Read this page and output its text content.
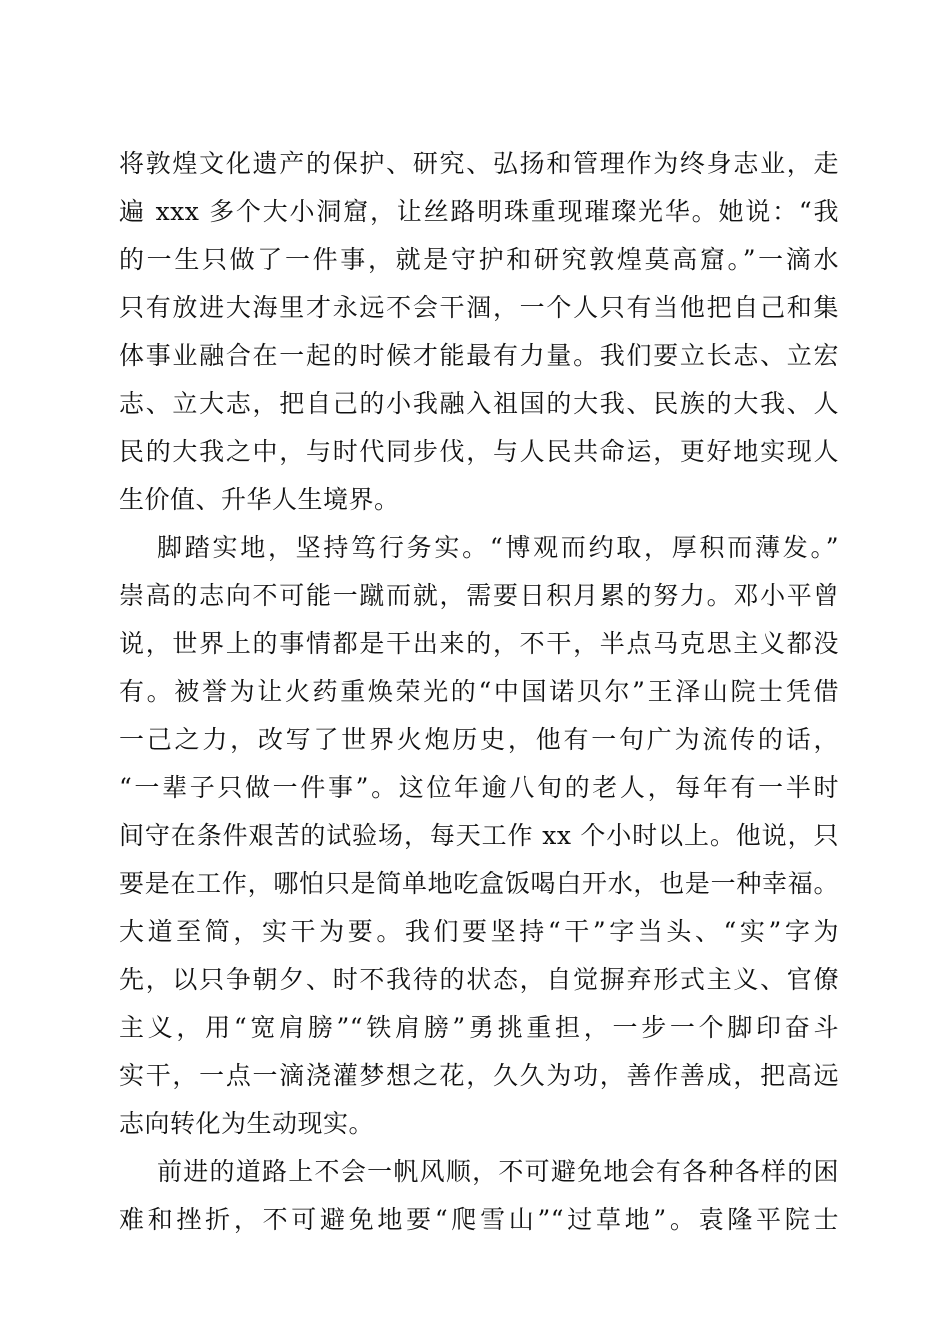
将敦煌文化遗产的保护、研究、弘扬和管理作为终身志业，走
遍 xxx 多个大小洞窟，让丝路明珠重现璀璨光华。她说：“我
的一生只做了一件事，就是守护和研究敦煌莫高窟。”一滴水
只有放进大海里才永远不会干涸，一个人只有当他把自己和集
体事业融合在一起的时候才能最有力量。我们要立长志、立宏
志、立大志，把自己的小我融入祖国的大我、民族的大我、人
民的大我之中，与时代同步伐，与人民共命运，更好地实现人
生价值、升华人生境界。
脚踏实地，坚持笃行务实。“博观而约取，厚积而薄发。”
崇高的志向不可能一蹴而就，需要日积月累的努力。邓小平曾
说，世界上的事情都是干出来的，不干，半点马克思主义都没
有。被誉为让火药重焕荣光的“中国诺贝尔”王泽山院士凭借
一己之力，改写了世界火炮历史，他有一句广为流传的话，
“一辈子只做一件事”。这位年逾八旬的老人，每年有一半时
间守在条件艰苦的试验场，每天工作 xx 个小时以上。他说，只
要是在工作，哪怕只是简单地吃盒饭喝白开水，也是一种幸福。
大道至简，实干为要。我们要坚持“干”字当头、“实”字为
先，以只争朝夕、时不我待的状态，自觉摒弃形式主义、官僚
主义，用“宽肩膀”“铁肩膀”勇挑重担，一步一个脚印奋斗
实干，一点一滴浇灌梦想之花，久久为功，善作善成，把高远
志向转化为生动现实。
前进的道路上不会一帆风顺，不可避免地会有各种各样的困
难和挫折，不可避免地要“爬雪山”“过草地”。袁隆平院士
